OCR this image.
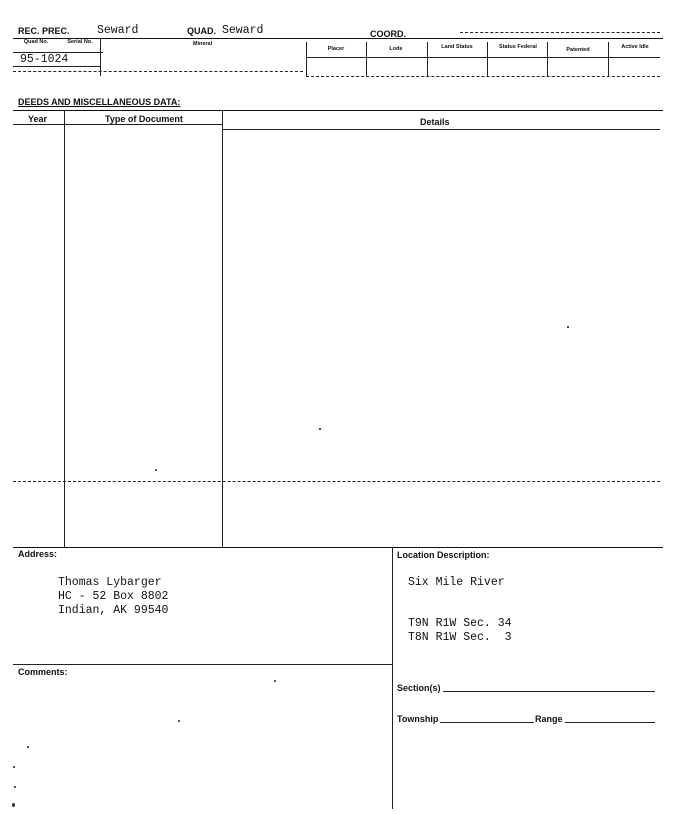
REC. PREC. Seward	QUAD. Seward	COORD.
Quad No.	Serial No.	Mineral
Placer	Lode	Land Status	Status Federal	Patented	Active Idle
95-1024
DEEDS AND MISCELLANEOUS DATA:
Year	Type of Document	Details
Address:	Location Description:
Thomas Lybarger
HC - 52 Box 8802
Indian, AK 99540
Six Mile River
T9N R1W Sec. 34
T8N R1W Sec.  3
Comments:
Section(s)
Township	Range
